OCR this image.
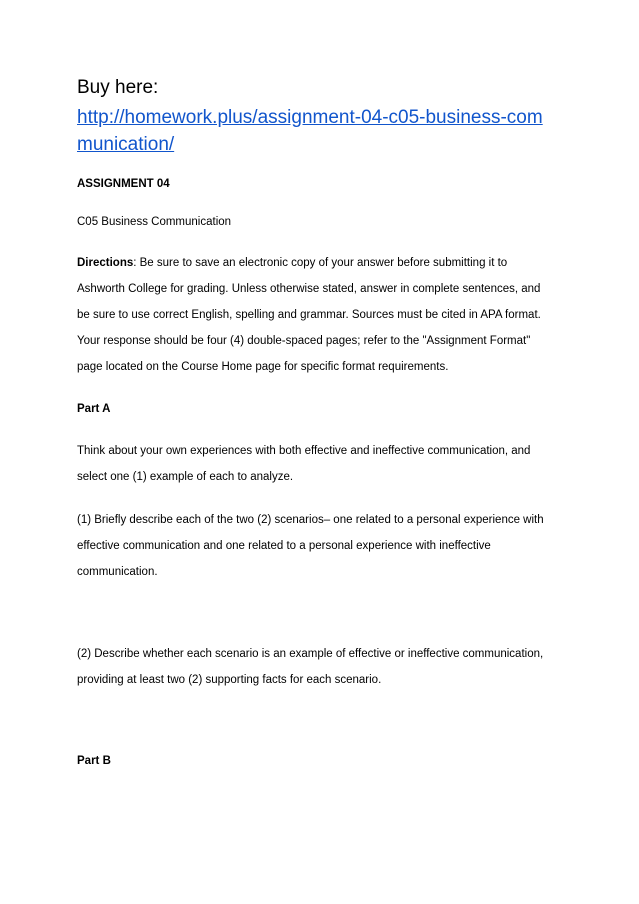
Buy here:

http://homework.plus/assignment-04-c05-business-com
munication/

ASSIGNMENT 04

C05 Business Communication

Directions: Be sure to save an electronic copy of your answer before submitting it to
Ashworth College for grading. Unless otherwise stated, answer in complete sentences, and
be sure to use correct English, spelling and grammar. Sources must be cited in APA format.
Your response should be four (4) double-spaced pages; refer to the "Assignment Format"
page located on the Course Home page for specific format requirements.

Part A

Think about your own experiences with both effective and ineffective communication, and
select one (1) example of each to analyze.
(1) Briefly describe each of the two (2) scenarios– one related to a personal experience with
effective communication and one related to a personal experience with ineffective
communication.
(2) Describe whether each scenario is an example of effective or ineffective communication,
providing at least two (2) supporting facts for each scenario.

Part B
